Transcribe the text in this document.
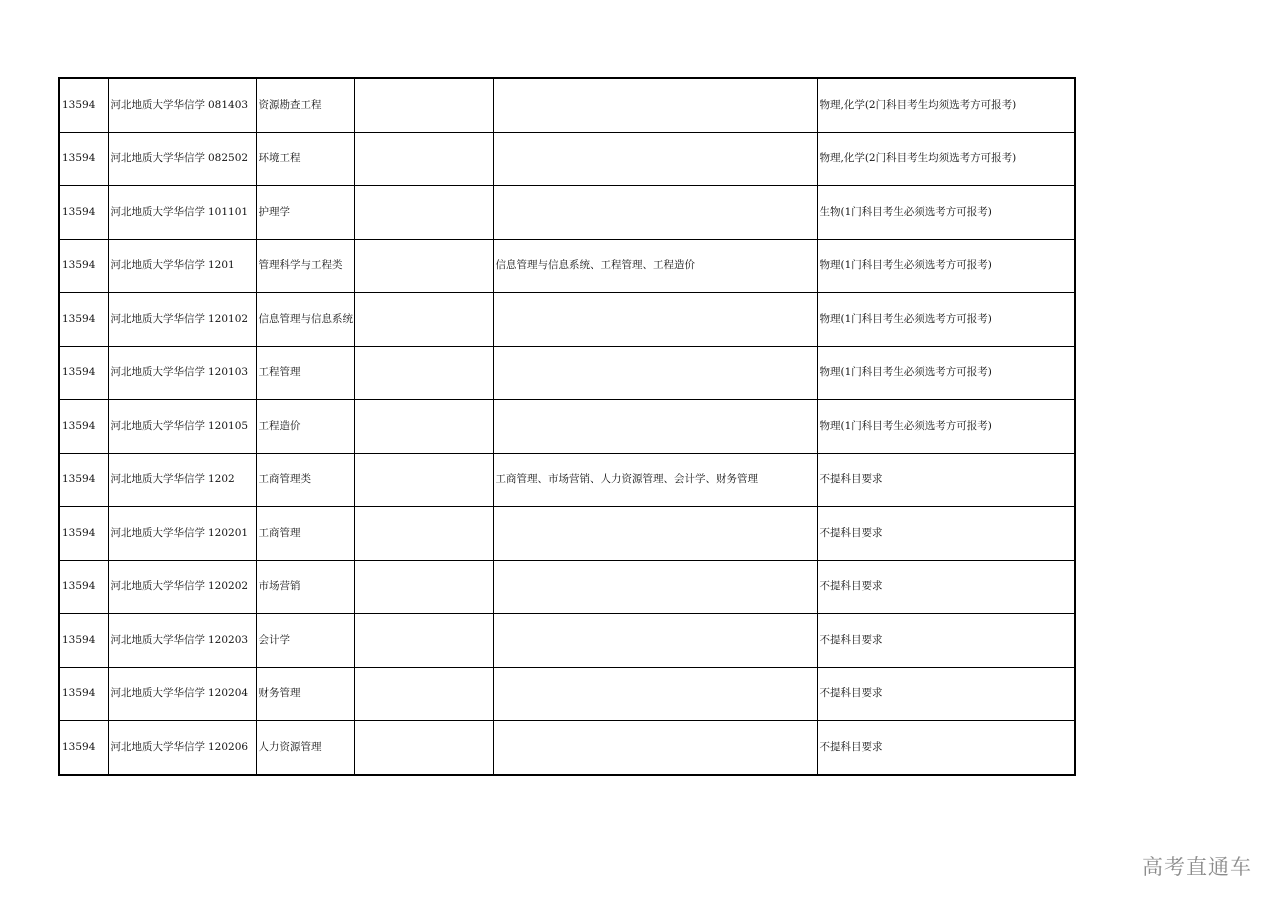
13594	河北地质大学华信学	081403	资源勘查工程			物理,化学(2门科目考生均须选考方可报考)
13594	河北地质大学华信学	082502	环境工程			物理,化学(2门科目考生均须选考方可报考)
13594	河北地质大学华信学	101101	护理学			生物(1门科目考生必须选考方可报考)
13594	河北地质大学华信学	1201	管理科学与工程类		信息管理与信息系统、工程管理、工程造价	物理(1门科目考生必须选考方可报考)
13594	河北地质大学华信学	120102	信息管理与信息系统			物理(1门科目考生必须选考方可报考)
13594	河北地质大学华信学	120103	工程管理			物理(1门科目考生必须选考方可报考)
13594	河北地质大学华信学	120105	工程造价			物理(1门科目考生必须选考方可报考)
13594	河北地质大学华信学	1202	工商管理类		工商管理、市场营销、人力资源管理、会计学、财务管理	不提科目要求
13594	河北地质大学华信学	120201	工商管理			不提科目要求
13594	河北地质大学华信学	120202	市场营销			不提科目要求
13594	河北地质大学华信学	120203	会计学			不提科目要求
13594	河北地质大学华信学	120204	财务管理			不提科目要求
13594	河北地质大学华信学	120206	人力资源管理			不提科目要求
高考直通车
